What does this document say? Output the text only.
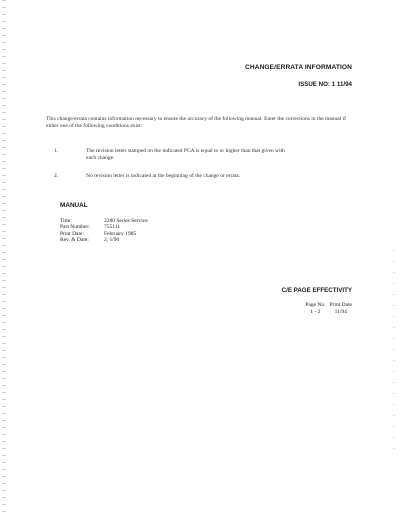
CHANGE/ERRATA INFORMATION
ISSUE NO: 1 11/94
This change/errata contains information necessary to ensure the accuracy of the following manual. Enter the corrections in the manual if either one of the following conditions exist:
1.	The revision letter stamped on the indicated PCA is equal to or higher than that given with each change.
2.	No revision letter is indicated at the beginning of the change or errata.
MANUAL
Title:	2280 Series Service
Part Number:	755111
Print Date:	February 1985
Rev. & Date:	2, 1/90
C/E PAGE EFFECTIVITY
Page No.	Print Date
1 - 2	11/94
